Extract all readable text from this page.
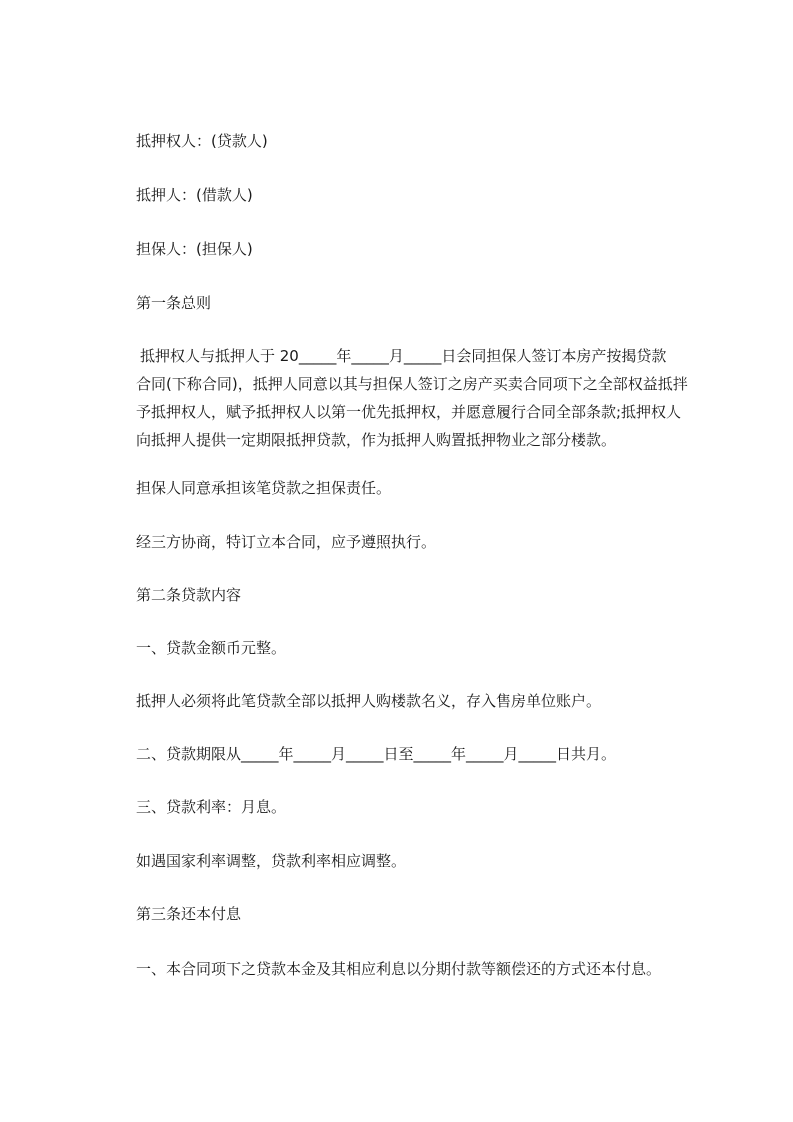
抵押权人：(贷款人)
抵押人：(借款人)
担保人：(担保人)
第一条总则
抵押权人与抵押人于 20_____年_____月_____日会同担保人签订本房产按揭贷款
合同(下称合同)，抵押人同意以其与担保人签订之房产买卖合同项下之全部权益抵拌
予抵押权人，赋予抵押权人以第一优先抵押权，并愿意履行合同全部条款;抵押权人
向抵押人提供一定期限抵押贷款，作为抵押人购置抵押物业之部分楼款。
担保人同意承担该笔贷款之担保责任。
经三方协商，特订立本合同，应予遵照执行。
第二条贷款内容
一、贷款金额币元整。
抵押人必须将此笔贷款全部以抵押人购楼款名义，存入售房单位账户。
二、贷款期限从_____年_____月_____日至_____年_____月_____日共月。
三、贷款利率：月息。
如遇国家利率调整，贷款利率相应调整。
第三条还本付息
一、本合同项下之贷款本金及其相应利息以分期付款等额偿还的方式还本付息。
